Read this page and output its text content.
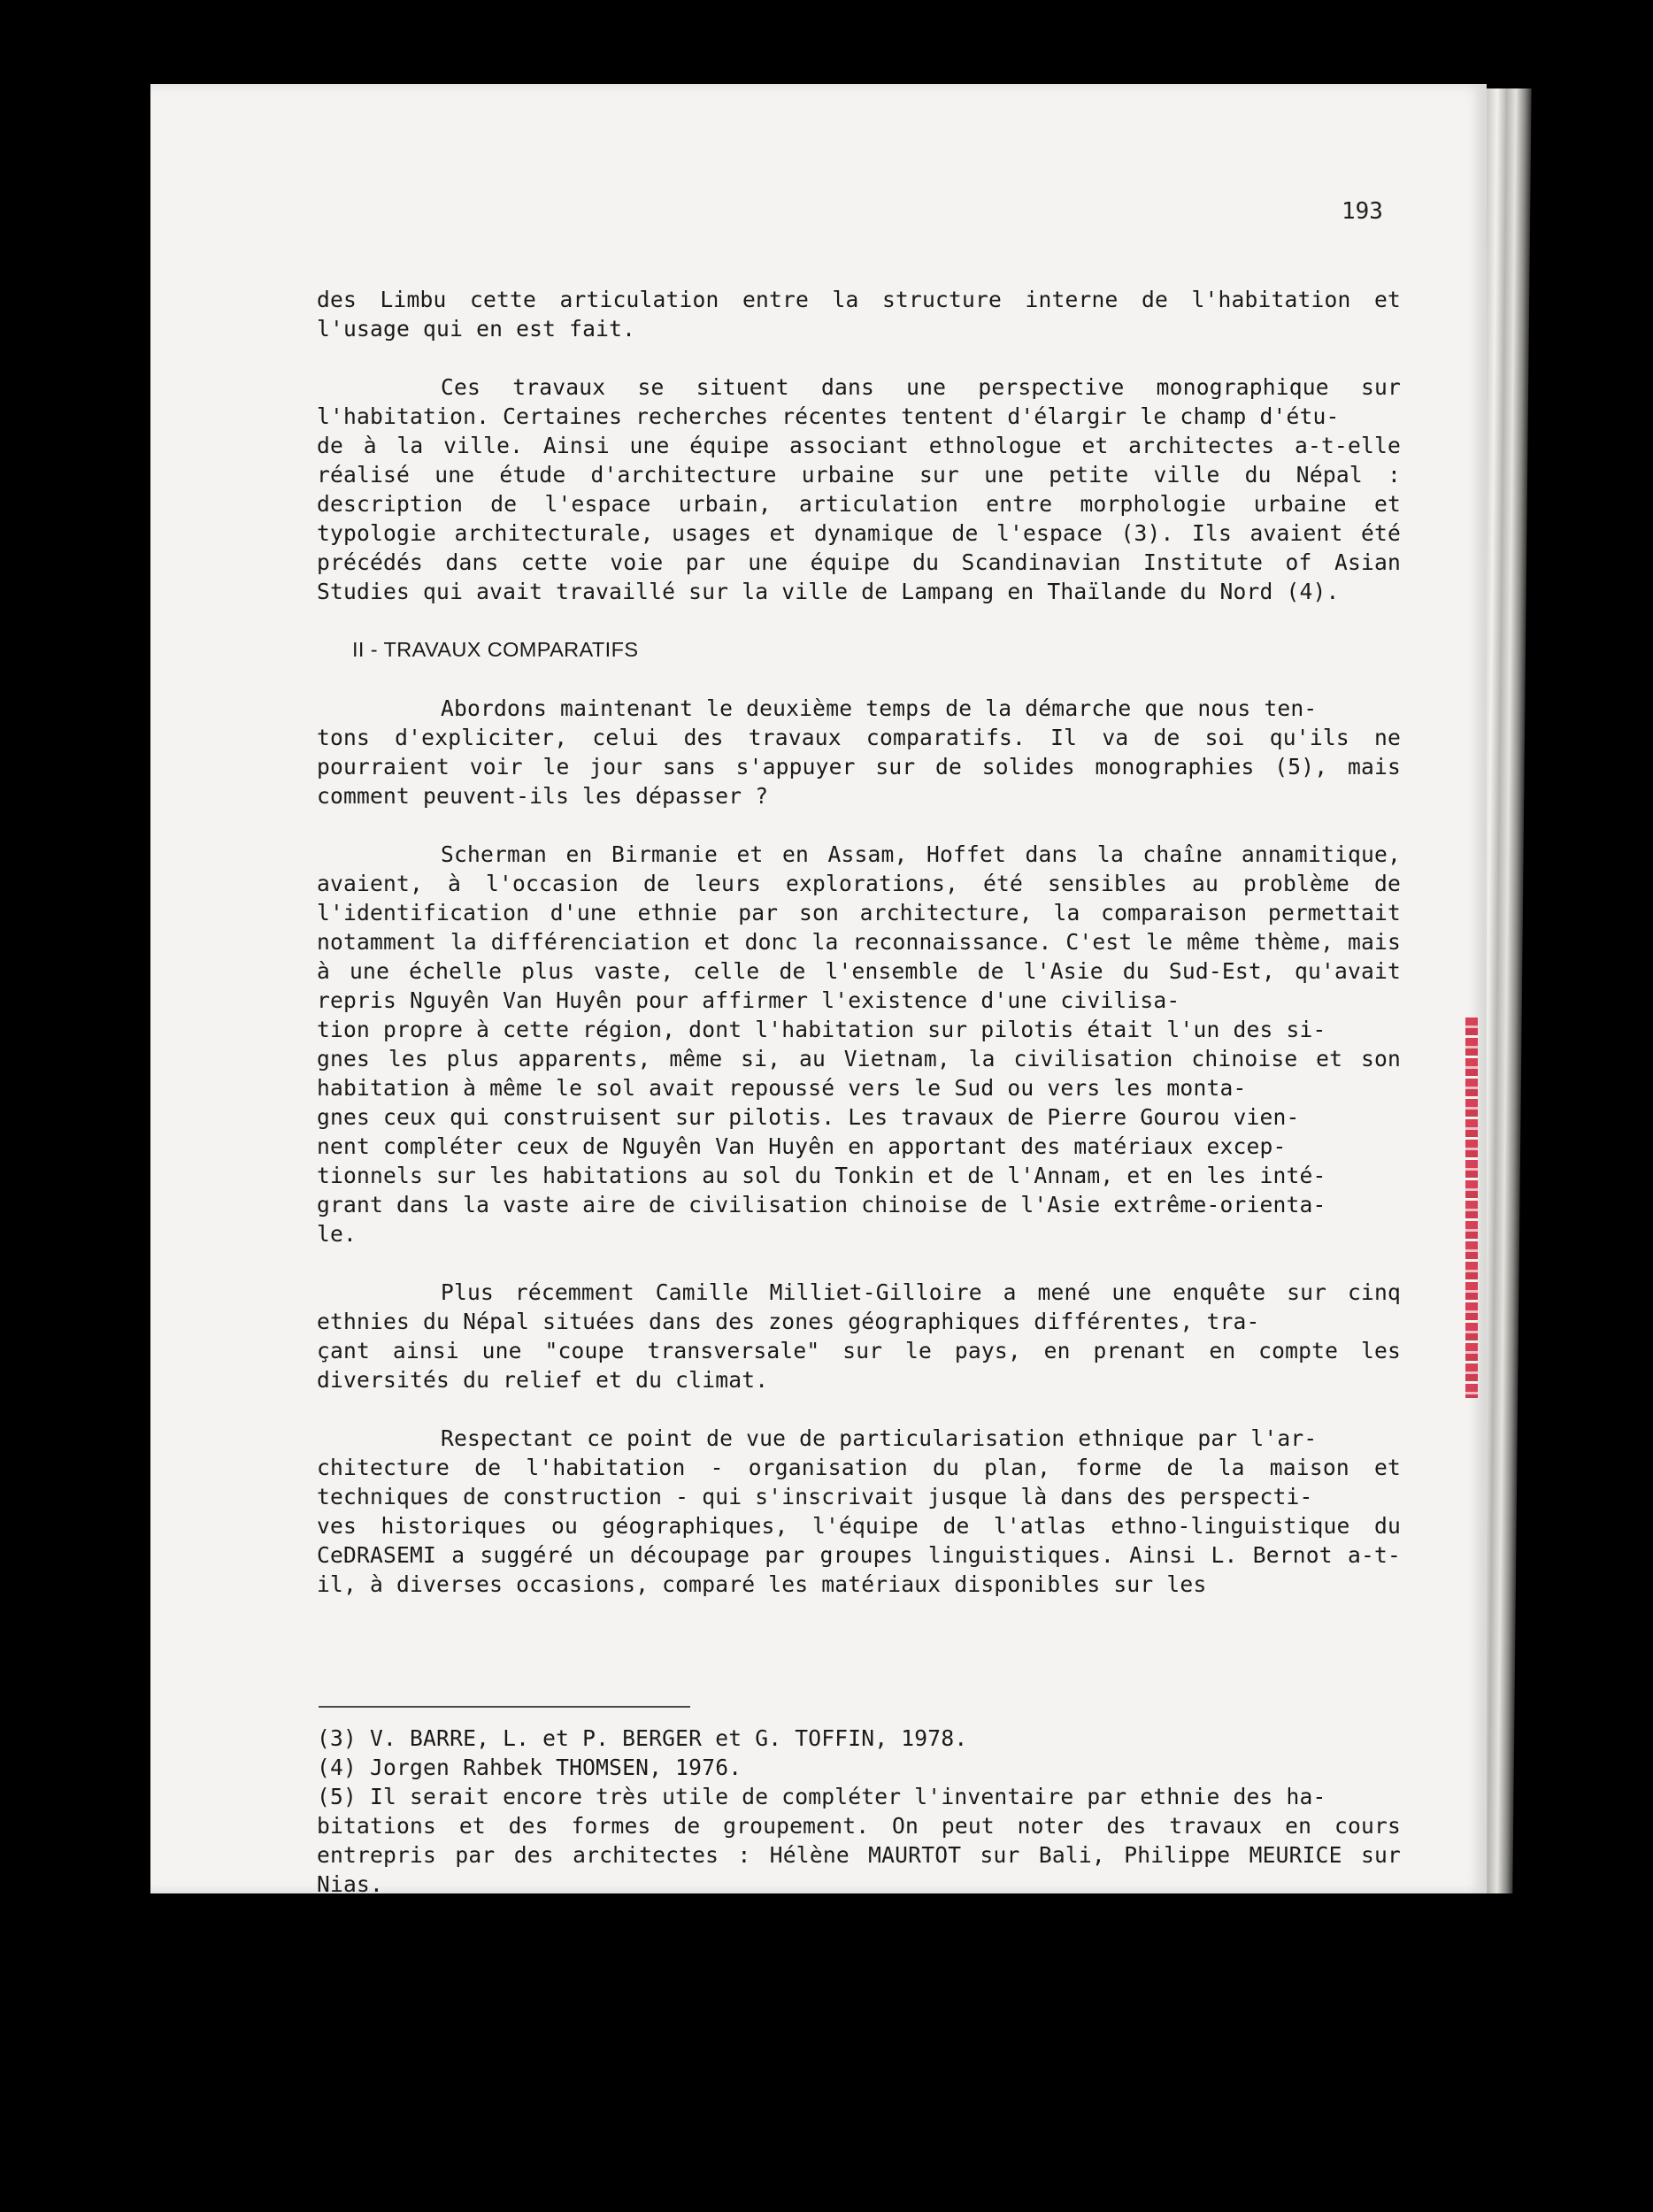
193

des Limbu cette articulation entre la structure interne de l'habitation et l'usage qui en est fait.

Ces travaux se situent dans une perspective monographique sur l'habitation. Certaines recherches récentes tentent d'élargir le champ d'étu-
de à la ville. Ainsi une équipe associant ethnologue et architectes a-t-elle réalisé une étude d'architecture urbaine sur une petite ville du Népal : description de l'espace urbain, articulation entre morphologie urbaine et typologie architecturale, usages et dynamique de l'espace (3). Ils avaient été précédés dans cette voie par une équipe du Scandinavian Institute of Asian Studies qui avait travaillé sur la ville de Lampang en Thaïlande du Nord (4).

II - TRAVAUX COMPARATIFS

Abordons maintenant le deuxième temps de la démarche que nous ten-
tons d'expliciter, celui des travaux comparatifs. Il va de soi qu'ils ne pourraient voir le jour sans s'appuyer sur de solides monographies (5), mais comment peuvent-ils les dépasser ?

Scherman en Birmanie et en Assam, Hoffet dans la chaîne annamitique, avaient, à l'occasion de leurs explorations, été sensibles au problème de l'identification d'une ethnie par son architecture, la comparaison permettait notamment la différenciation et donc la reconnaissance. C'est le même thème, mais à une échelle plus vaste, celle de l'ensemble de l'Asie du Sud-Est, qu'avait repris Nguyên Van Huyên pour affirmer l'existence d'une civilisa-
tion propre à cette région, dont l'habitation sur pilotis était l'un des si-
gnes les plus apparents, même si, au Vietnam, la civilisation chinoise et son habitation à même le sol avait repoussé vers le Sud ou vers les monta-
gnes ceux qui construisent sur pilotis. Les travaux de Pierre Gourou vien-
nent compléter ceux de Nguyên Van Huyên en apportant des matériaux excep-
tionnels sur les habitations au sol du Tonkin et de l'Annam, et en les inté-
grant dans la vaste aire de civilisation chinoise de l'Asie extrême-orienta-
le.

Plus récemment Camille Milliet-Gilloire a mené une enquête sur cinq ethnies du Népal situées dans des zones géographiques différentes, tra-
çant ainsi une "coupe transversale" sur le pays, en prenant en compte les diversités du relief et du climat.

Respectant ce point de vue de particularisation ethnique par l'ar-
chitecture de l'habitation - organisation du plan, forme de la maison et techniques de construction - qui s'inscrivait jusque là dans des perspecti-
ves historiques ou géographiques, l'équipe de l'atlas ethno-linguistique du CeDRASEMI a suggéré un découpage par groupes linguistiques. Ainsi L. Bernot a-t-il, à diverses occasions, comparé les matériaux disponibles sur les

(3) V. BARRE, L. et P. BERGER et G. TOFFIN, 1978.

(4) Jorgen Rahbek THOMSEN, 1976.

(5) Il serait encore très utile de compléter l'inventaire par ethnie des ha-
bitations et des formes de groupement. On peut noter des travaux en cours entrepris par des architectes : Hélène MAURTOT sur Bali, Philippe MEURICE sur Nias.
